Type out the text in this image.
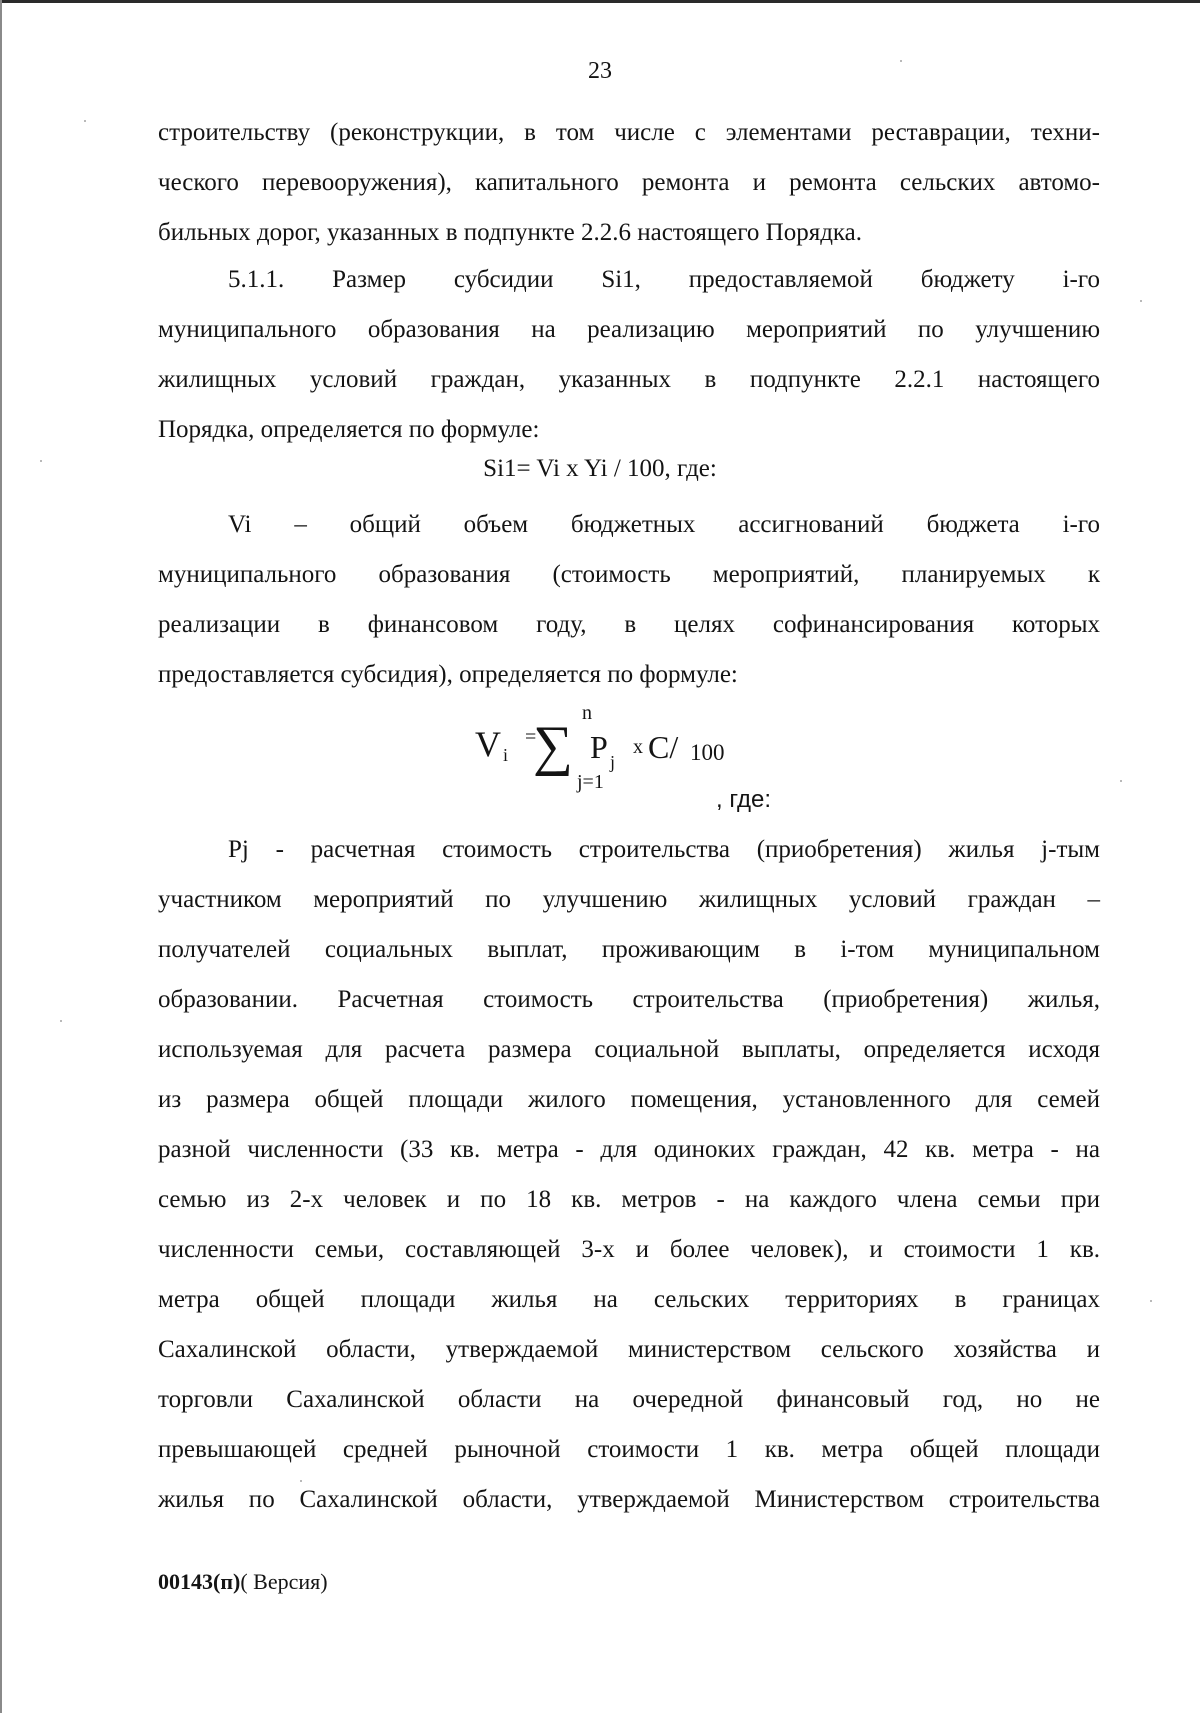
23

строительству (реконструкции, в том числе с элементами реставрации, техни-

ческого перевооружения), капитального ремонта и ремонта сельских автомо-

бильных дорог, указанных в подпункте 2.2.6 настоящего Порядка.

5.1.1. Размер субсидии Si1, предоставляемой бюджету i-го

муниципального образования на реализацию мероприятий по улучшению

жилищных условий граждан, указанных в подпункте 2.2.1 настоящего

Порядка, определяется по формуле:

Si1= Vi x Yi / 100, где:

Vi – общий объем бюджетных ассигнований бюджета i-го

муниципального образования (стоимость мероприятий, планируемых к

реализации в финансовом году, в целях софинансирования которых

предоставляется субсидия), определяется по формуле:

V i
=
∑
n
P j
x C/ 100
j=1
, где:

Pj - расчетная стоимость строительства (приобретения) жилья j-тым

участником мероприятий по улучшению жилищных условий граждан –

получателей социальных выплат, проживающим в i-том муниципальном

образовании. Расчетная стоимость строительства (приобретения) жилья,

используемая для расчета размера социальной выплаты, определяется исходя

из размера общей площади жилого помещения, установленного для семей

разной численности (33 кв. метра - для одиноких граждан, 42 кв. метра - на

семью из 2-х человек и по 18 кв. метров - на каждого члена семьи при

численности семьи, составляющей 3-х и более человек), и стоимости 1 кв.

метра общей площади жилья на сельских территориях в границах

Сахалинской области, утверждаемой министерством сельского хозяйства и

торговли Сахалинской области на очередной финансовый год, но не

превышающей средней рыночной стоимости 1 кв. метра общей площади

жилья по Сахалинской области, утверждаемой Министерством строительства

00143(п)( Версия)
